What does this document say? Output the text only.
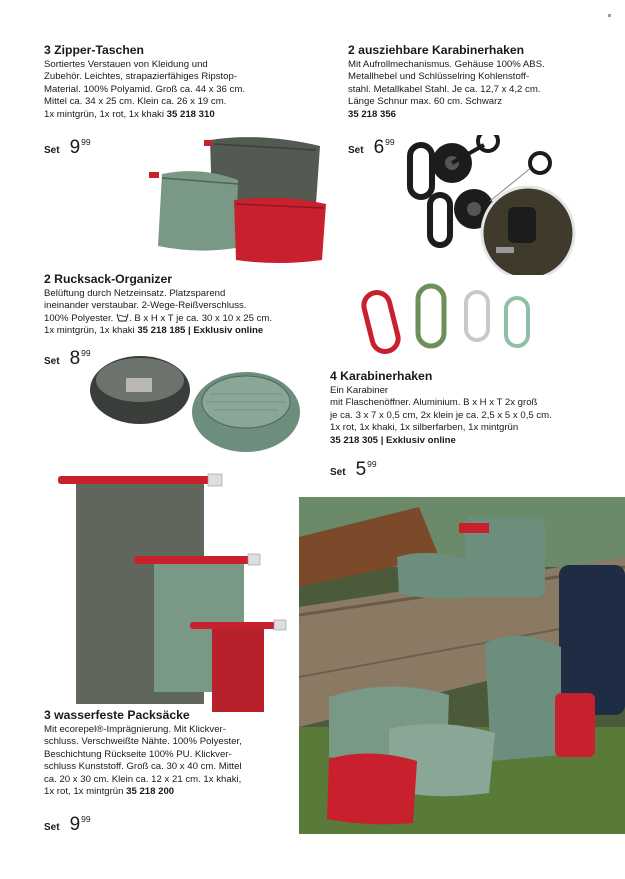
3 Zipper-Taschen
Sortiertes Verstauen von Kleidung und
Zubehör. Leichtes, strapazierfähiges Ripstop-
Material. 100% Polyamid. Groß ca. 44 x 36 cm.
Mittel ca. 34 x 25 cm. Klein ca. 26 x 19 cm.
1x mintgrün, 1x rot, 1x khaki 35 218 310
Set 9 99
2 ausziehbare Karabinerhaken
Mit Aufrollmechanismus. Gehäuse 100% ABS.
Metallhebel und Schlüsselring Kohlenstoff-
stahl. Metallkabel Stahl. Je ca. 12,7 x 4,2 cm.
Länge Schnur max. 60 cm. Schwarz
35 218 356
Set 6 99
2 Rucksack-Organizer
Belüftung durch Netzeinsatz. Platzsparend
ineinander verstaubar. 2-Wege-Reißverschluss.
100% Polyester. . B x H x T je ca. 30 x 10 x 25 cm.
1x mintgrün, 1x khaki 35 218 185 | Exklusiv online
Set 8 99
4 Karabinerhaken
Ein Karabiner
mit Flaschenöffner. Aluminium. B x H x T 2x groß
je ca. 3 x 7 x 0,5 cm, 2x klein je ca. 2,5 x 5 x 0,5 cm.
1x rot, 1x khaki, 1x silberfarben, 1x mintgrün
35 218 305 | Exklusiv online
Set 5 99
3 wasserfeste Packsäcke
Mit ecorepel®-Imprägnierung. Mit Klickver-
schluss. Verschweißte Nähte. 100% Polyester,
Beschichtung Rückseite 100% PU. Klickver-
schluss Kunststoff. Groß ca. 30 x 40 cm. Mittel
ca. 20 x 30 cm. Klein ca. 12 x 21 cm. 1x khaki,
1x rot, 1x mintgrün 35 218 200
Set 9 99
